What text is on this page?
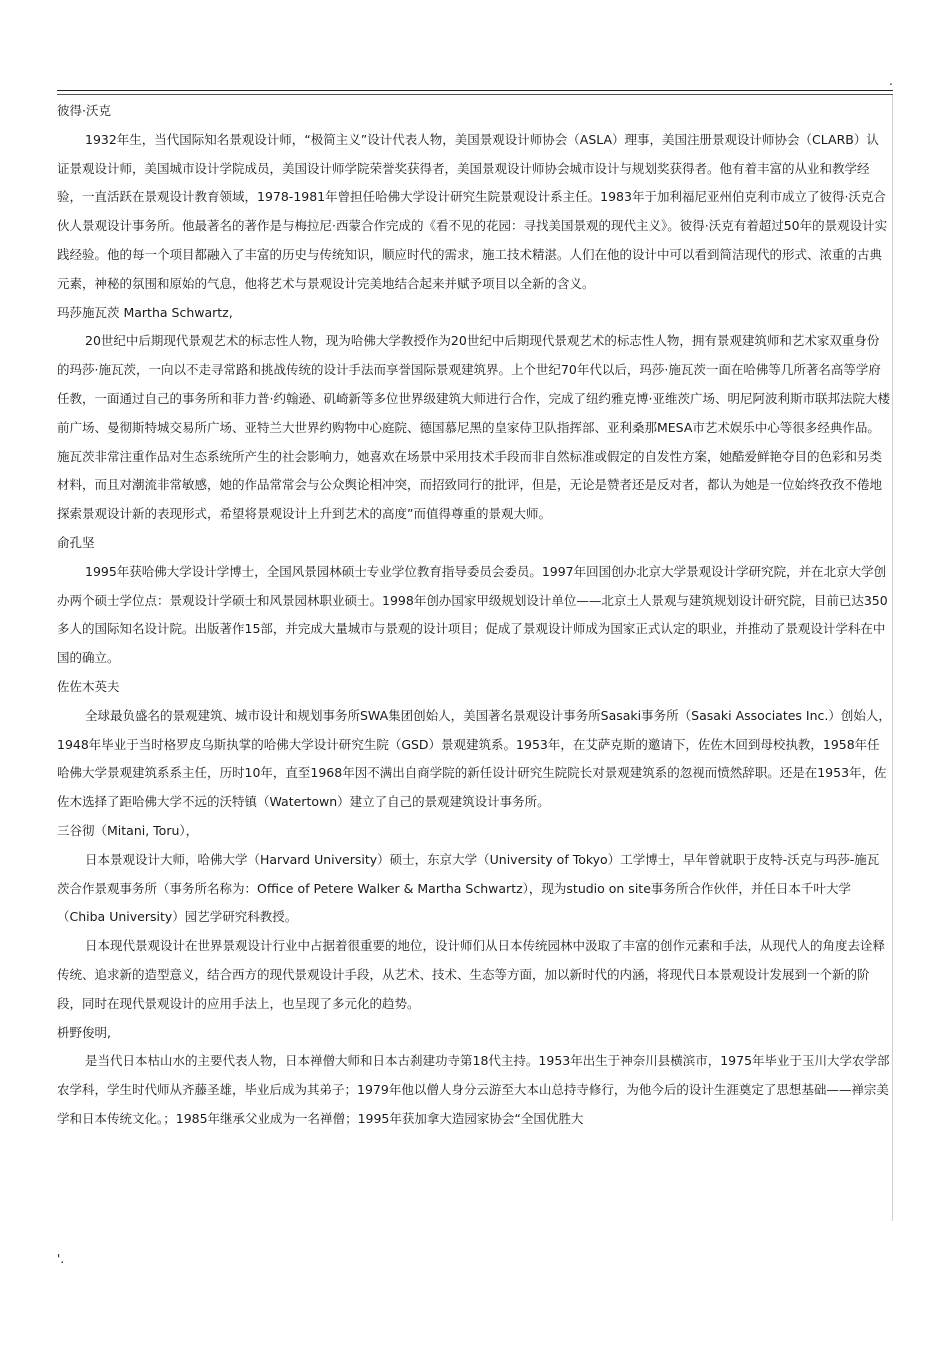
.

彼得·沃克

1932年生，当代国际知名景观设计师，“极简主义”设计代表人物，美国景观设计师协会（ASLA）理事，美国注册景观设计师协会（CLARB）认证景观设计师，美国城市设计学院成员，美国设计师学院荣誉奖获得者，美国景观设计师协会城市设计与规划奖获得者。他有着丰富的从业和教学经验，一直活跃在景观设计教育领域，1978-1981年曾担任哈佛大学设计研究生院景观设计系主任。1983年于加利福尼亚州伯克利市成立了彼得·沃克合伙人景观设计事务所。他最著名的著作是与梅拉尼·西蒙合作完成的《看不见的花园：寻找美国景观的现代主义》。彼得·沃克有着超过50年的景观设计实践经验。他的每一个项目都融入了丰富的历史与传统知识，顺应时代的需求，施工技术精湛。人们在他的设计中可以看到简洁现代的形式、浓重的古典元素，神秘的氛围和原始的气息，他将艺术与景观设计完美地结合起来并赋予项目以全新的含义。

玛莎施瓦茨 Martha Schwartz,

20世纪中后期现代景观艺术的标志性人物，现为哈佛大学教授作为20世纪中后期现代景观艺术的标志性人物，拥有景观建筑师和艺术家双重身份的玛莎·施瓦茨，一向以不走寻常路和挑战传统的设计手法而享誉国际景观建筑界。上个世纪70年代以后，玛莎·施瓦茨一面在哈佛等几所著名高等学府任教，一面通过自己的事务所和菲力普·约翰逊、矶崎新等多位世界级建筑大师进行合作，完成了纽约雅克博·亚维茨广场、明尼阿波利斯市联邦法院大楼前广场、曼彻斯特城交易所广场、亚特兰大世界约购物中心庭院、德国慕尼黑的皇家侍卫队指挥部、亚利桑那MESA市艺术娱乐中心等很多经典作品。施瓦茨非常注重作品对生态系统所产生的社会影响力，她喜欢在场景中采用技术手段而非自然标准或假定的自发性方案，她酷爱鲜艳夺目的色彩和另类材料，而且对潮流非常敏感，她的作品常常会与公众舆论相冲突，而招致同行的批评，但是，无论是赞者还是反对者，都认为她是一位始终孜孜不倦地探索景观设计新的表现形式，希望将景观设计上升到艺术的高度”而值得尊重的景观大师。

俞孔坚

1995年获哈佛大学设计学博士，全国风景园林硕士专业学位教育指导委员会委员。1997年回国创办北京大学景观设计学研究院，并在北京大学创办两个硕士学位点：景观设计学硕士和风景园林职业硕士。1998年创办国家甲级规划设计单位——北京土人景观与建筑规划设计研究院，目前已达350多人的国际知名设计院。出版著作15部，并完成大量城市与景观的设计项目；促成了景观设计师成为国家正式认定的职业，并推动了景观设计学科在中国的确立。

佐佐木英夫

全球最负盛名的景观建筑、城市设计和规划事务所SWA集团创始人，美国著名景观设计事务所Sasaki事务所（Sasaki Associates Inc.）创始人，1948年毕业于当时格罗皮乌斯执掌的哈佛大学设计研究生院（GSD）景观建筑系。1953年，在艾萨克斯的邀请下，佐佐木回到母校执教，1958年任哈佛大学景观建筑系系主任，历时10年，直至1968年因不满出自商学院的新任设计研究生院院长对景观建筑系的忽视而愤然辞职。还是在1953年，佐佐木选择了距哈佛大学不远的沃特镇（Watertown）建立了自己的景观建筑设计事务所。

三谷彻（Mitani, Toru），

日本景观设计大师，哈佛大学（Harvard University）硕士，东京大学（University of Tokyo）工学博士，早年曾就职于皮特-沃克与玛莎-施瓦茨合作景观事务所（事务所名称为：Office of Petere Walker & Martha Schwartz），现为studio on site事务所合作伙伴，并任日本千叶大学（Chiba University）园艺学研究科教授。

日本现代景观设计在世界景观设计行业中占据着很重要的地位，设计师们从日本传统园林中汲取了丰富的创作元素和手法，从现代人的角度去诠释传统、追求新的造型意义，结合西方的现代景观设计手段，从艺术、技术、生态等方面，加以新时代的内涵，将现代日本景观设计发展到一个新的阶段，同时在现代景观设计的应用手法上，也呈现了多元化的趋势。

枡野俊明,

是当代日本枯山水的主要代表人物，日本禅僧大师和日本古刹建功寺第18代主持。1953年出生于神奈川县横滨市，1975年毕业于玉川大学农学部农学科，学生时代师从齐藤圣雄，毕业后成为其弟子；1979年他以僧人身分云游至大本山总持寺修行，为他今后的设计生涯奠定了思想基础——禅宗美学和日本传统文化。；1985年继承父业成为一名禅僧；1995年获加拿大造园家协会“全国优胜大

'.
